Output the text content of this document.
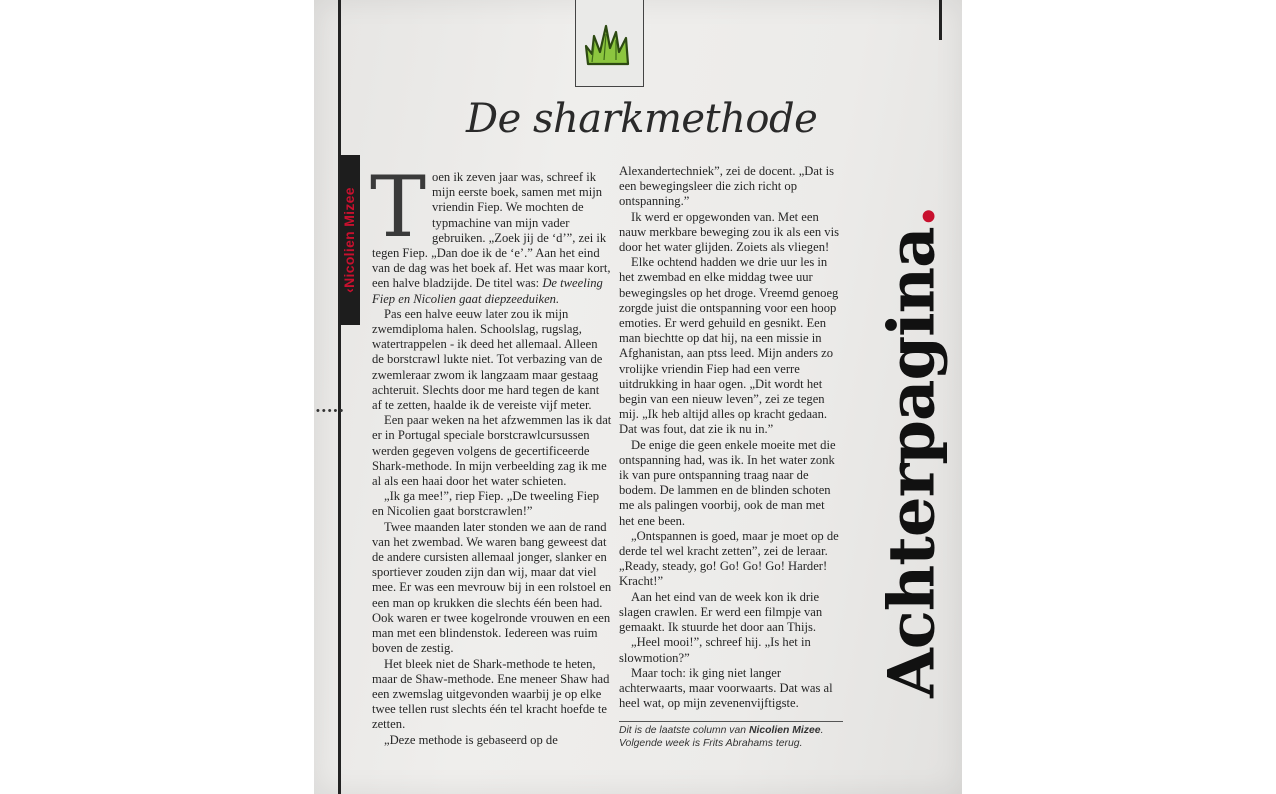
De sharkmethode
‹Nicolien Mizee
•••••

Toen ik zeven jaar was, schreef ik mijn eerste boek, samen met mijn vriendin Fiep. We mochten de typmachine van mijn vader gebruiken. „Zoek jij de ‘d’”, zei ik tegen Fiep. „Dan doe ik de ‘e’.” Aan het eind van de dag was het boek af. Het was maar kort, een halve bladzijde. De titel was: De tweeling Fiep en Nicolien gaat diepzeeduiken.

Pas een halve eeuw later zou ik mijn zwemdiploma halen. Schoolslag, rugslag, watertrappelen - ik deed het allemaal. Alleen de borstcrawl lukte niet. Tot verbazing van de zwemleraar zwom ik langzaam maar gestaag achteruit. Slechts door me hard tegen de kant af te zetten, haalde ik de vereiste vijf meter.

Een paar weken na het afzwemmen las ik dat er in Portugal speciale borstcrawlcursussen werden gegeven volgens de gecertificeerde Shark-methode. In mijn verbeelding zag ik me al als een haai door het water schieten.

„Ik ga mee!”, riep Fiep. „De tweeling Fiep en Nicolien gaat borstcrawlen!”

Twee maanden later stonden we aan de rand van het zwembad. We waren bang geweest dat de andere cursisten allemaal jonger, slanker en sportiever zouden zijn dan wij, maar dat viel mee. Er was een mevrouw bij in een rolstoel en een man op krukken die slechts één been had. Ook waren er twee kogelronde vrouwen en een man met een blindenstok. Iedereen was ruim boven de zestig.

Het bleek niet de Shark-methode te heten, maar de Shaw-methode. Ene meneer Shaw had een zwemslag uitgevonden waarbij je op elke twee tellen rust slechts één tel kracht hoefde te zetten.

„Deze methode is gebaseerd op de

Alexandertechniek”, zei de docent. „Dat is een bewegingsleer die zich richt op ontspanning.”

Ik werd er opgewonden van. Met een nauw merkbare beweging zou ik als een vis door het water glijden. Zoiets als vliegen!

Elke ochtend hadden we drie uur les in het zwembad en elke middag twee uur bewegingsles op het droge. Vreemd genoeg zorgde juist die ontspanning voor een hoop emoties. Er werd gehuild en gesnikt. Een man biechtte op dat hij, na een missie in Afghanistan, aan ptss leed. Mijn anders zo vrolijke vriendin Fiep had een verre uitdrukking in haar ogen. „Dit wordt het begin van een nieuw leven”, zei ze tegen mij. „Ik heb altijd alles op kracht gedaan. Dat was fout, dat zie ik nu in.”

De enige die geen enkele moeite met die ontspanning had, was ik. In het water zonk ik van pure ontspanning traag naar de bodem. De lammen en de blinden schoten me als palingen voorbij, ook de man met het ene been.

„Ontspannen is goed, maar je moet op de derde tel wel kracht zetten”, zei de leraar. „Ready, steady, go! Go! Go! Go! Harder! Kracht!”

Aan het eind van de week kon ik drie slagen crawlen. Er werd een filmpje van gemaakt. Ik stuurde het door aan Thijs.

„Heel mooi!”, schreef hij. „Is het in slowmotion?”

Maar toch: ik ging niet langer achterwaarts, maar voorwaarts. Dat was al heel wat, op mijn zevenenvijftigste.

Dit is de laatste column van Nicolien Mizee. Volgende week is Frits Abrahams terug.
Achterpagina.
